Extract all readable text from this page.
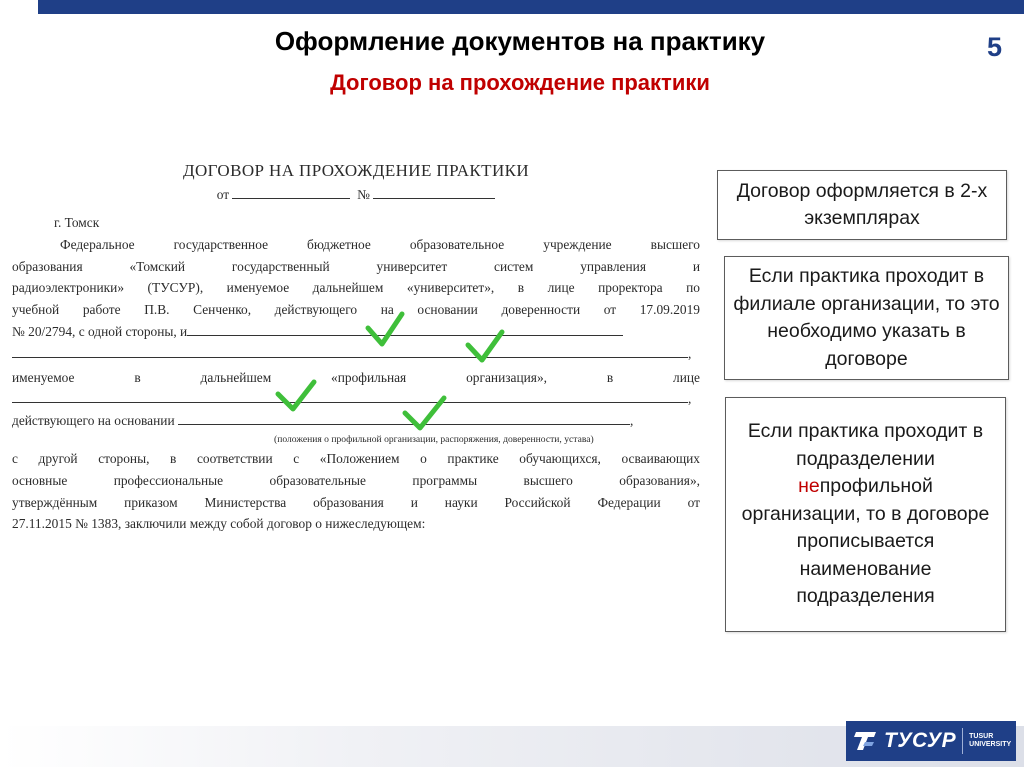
5
Оформление документов на практику
Договор на прохождение практики
ДОГОВОР НА ПРОХОЖДЕНИЕ ПРАКТИКИ
от	№
г. Томск
Федеральное государственное бюджетное образовательное учреждение высшего
образования «Томский государственный университет систем управления и
радиоэлектроники» (ТУСУР), именуемое дальнейшем «университет», в лице проректора по
учебной работе П.В. Сенченко, действующего на основании доверенности от 17.09.2019
№ 20/2794, с одной стороны, и
,
именуемое в дальнейшем «профильная организация», в лице
,
действующего на основании	,
(положения о профильной организации, распоряжения, доверенности, устава)
с другой стороны, в соответствии с «Положением о практике обучающихся, осваивающих
основные профессиональные образовательные программы высшего образования»,
утверждённым приказом Министерства образования и науки Российской Федерации от
27.11.2015 № 1383, заключили между собой договор о нижеследующем:
Договор оформляется в 2-х экземплярах
Если практика проходит в филиале организации, то это необходимо указать в договоре
Если практика проходит в подразделении непрофильной организации, то в договоре прописывается наименование подразделения
ТУСУР TUSUR
UNIVERSITY
